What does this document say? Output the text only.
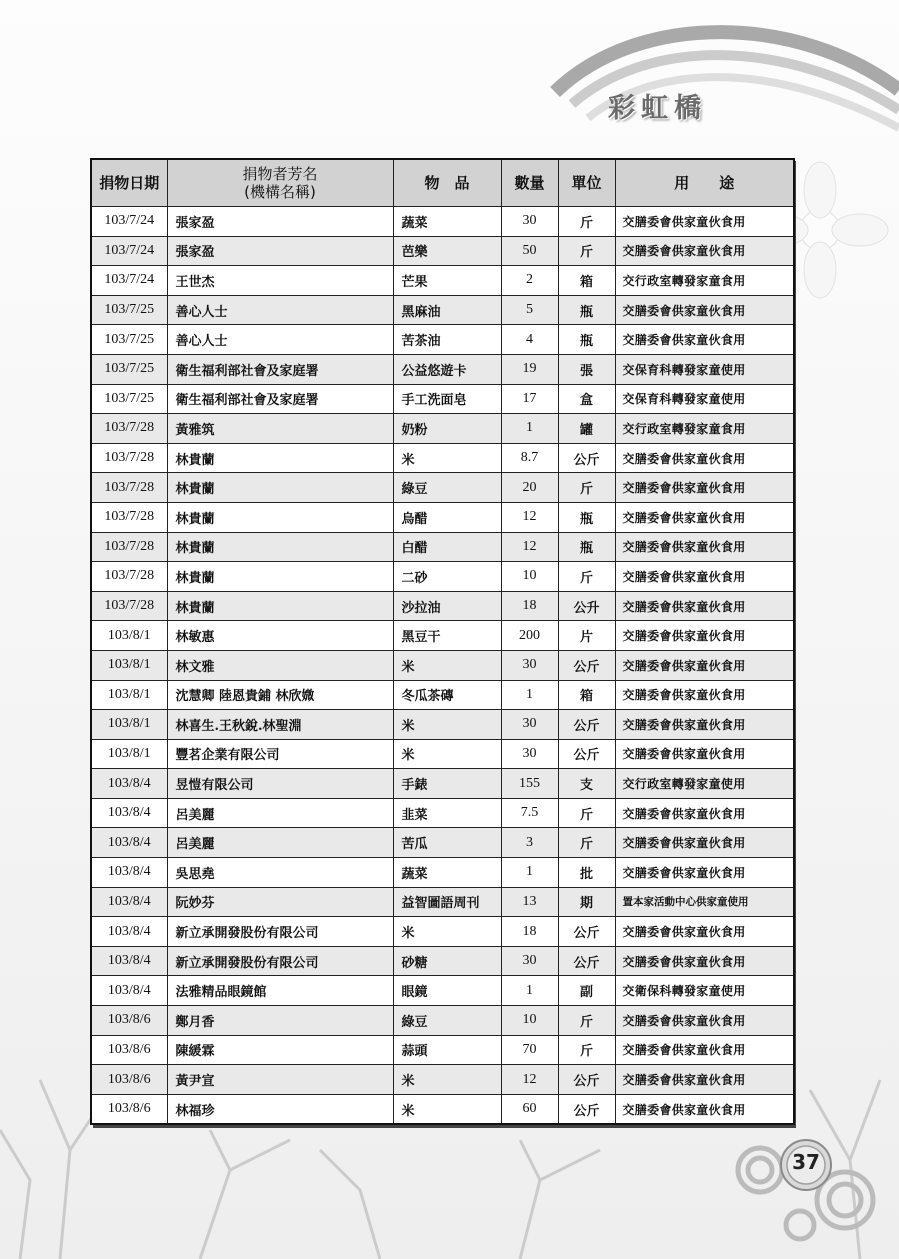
彩虹橋
捐物日期	捐物者芳名
(機構名稱)	物　品	數量	單位	用　　途
103/7/24	張家盈	蔬菜	30	斤	交膳委會供家童伙食用
103/7/24	張家盈	芭樂	50	斤	交膳委會供家童伙食用
103/7/24	王世杰	芒果	2	箱	交行政室轉發家童食用
103/7/25	善心人士	黑麻油	5	瓶	交膳委會供家童伙食用
103/7/25	善心人士	苦茶油	4	瓶	交膳委會供家童伙食用
103/7/25	衛生福利部社會及家庭署	公益悠遊卡	19	張	交保育科轉發家童使用
103/7/25	衛生福利部社會及家庭署	手工洗面皂	17	盒	交保育科轉發家童使用
103/7/28	黃雅筑	奶粉	1	罐	交行政室轉發家童食用
103/7/28	林貴蘭	米	8.7	公斤	交膳委會供家童伙食用
103/7/28	林貴蘭	綠豆	20	斤	交膳委會供家童伙食用
103/7/28	林貴蘭	烏醋	12	瓶	交膳委會供家童伙食用
103/7/28	林貴蘭	白醋	12	瓶	交膳委會供家童伙食用
103/7/28	林貴蘭	二砂	10	斤	交膳委會供家童伙食用
103/7/28	林貴蘭	沙拉油	18	公升	交膳委會供家童伙食用
103/8/1	林敏惠	黑豆干	200	片	交膳委會供家童伙食用
103/8/1	林文雅	米	30	公斤	交膳委會供家童伙食用
103/8/1	沈慧卿 陸恩貴鋪 林欣媺	冬瓜茶磚	1	箱	交膳委會供家童伙食用
103/8/1	林喜生.王秋銳.林聖淵	米	30	公斤	交膳委會供家童伙食用
103/8/1	豐茗企業有限公司	米	30	公斤	交膳委會供家童伙食用
103/8/4	昱愷有限公司	手錶	155	支	交行政室轉發家童使用
103/8/4	呂美麗	韭菜	7.5	斤	交膳委會供家童伙食用
103/8/4	呂美麗	苦瓜	3	斤	交膳委會供家童伙食用
103/8/4	吳思堯	蔬菜	1	批	交膳委會供家童伙食用
103/8/4	阮妙芬	益智圖語周刊	13	期	置本家活動中心供家童使用
103/8/4	新立承開發股份有限公司	米	18	公斤	交膳委會供家童伙食用
103/8/4	新立承開發股份有限公司	砂糖	30	公斤	交膳委會供家童伙食用
103/8/4	法雅精品眼鏡館	眼鏡	1	副	交衛保科轉發家童使用
103/8/6	鄭月香	綠豆	10	斤	交膳委會供家童伙食用
103/8/6	陳緩霖	蒜頭	70	斤	交膳委會供家童伙食用
103/8/6	黃尹宣	米	12	公斤	交膳委會供家童伙食用
103/8/6	林福珍	米	60	公斤	交膳委會供家童伙食用
37
